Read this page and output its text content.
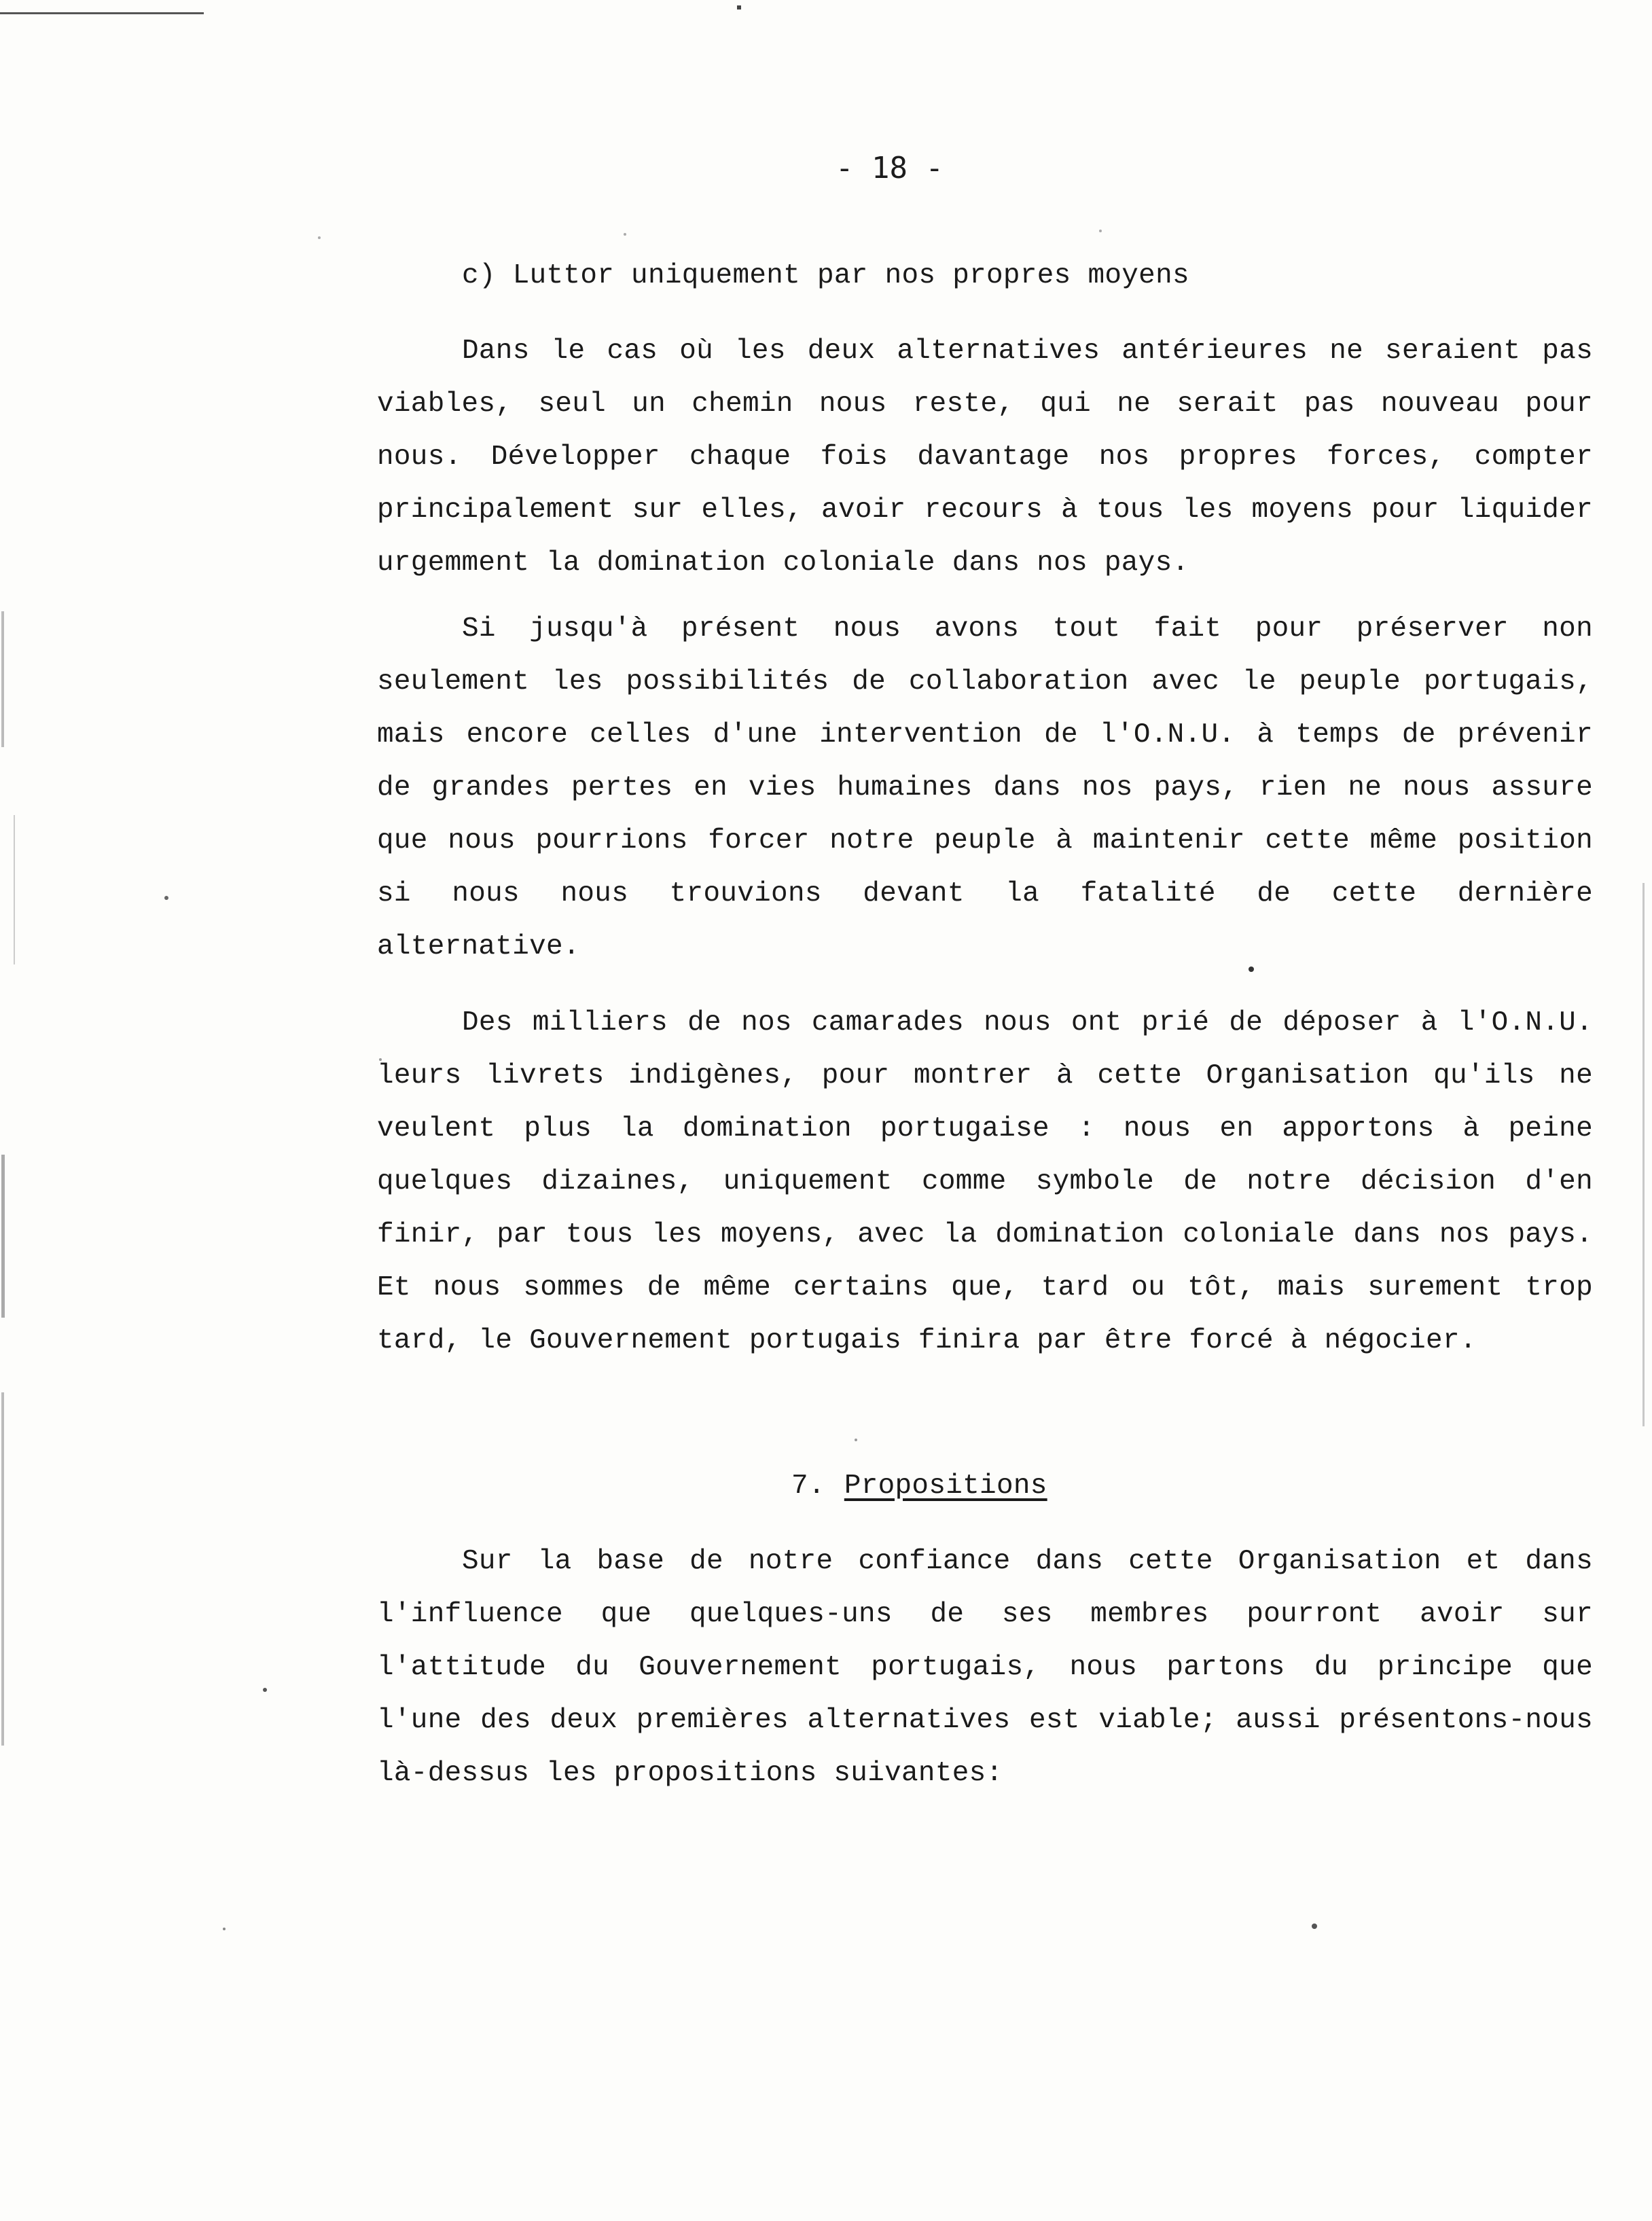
- 18 -
c) Luttor uniquement par nos propres moyens

Dans le cas où les deux alternatives antérieures ne seraient pas viables, seul un chemin nous reste, qui ne serait pas nouveau pour nous. Développer chaque fois davantage nos propres forces, compter principalement sur elles, avoir recours à tous les moyens pour liquider urgemment la domination coloniale dans nos pays.

Si jusqu'à présent nous avons tout fait pour préserver non seulement les possibilités de collaboration avec le peuple portugais, mais encore celles d'une intervention de l'O.N.U. à temps de prévenir de grandes pertes en vies humaines dans nos pays, rien ne nous assure que nous pourrions forcer notre peuple à maintenir cette même position si nous nous trouvions devant la fatalité de cette dernière alternative.

Des milliers de nos camarades nous ont prié de déposer à l'O.N.U. leurs livrets indigènes, pour montrer à cette Organisation qu'ils ne veulent plus la domination portugaise : nous en apportons à peine quelques dizaines, uniquement comme symbole de notre décision d'en finir, par tous les moyens, avec la domination coloniale dans nos pays. Et nous sommes de même certains que, tard ou tôt, mais surement trop tard, le Gouvernement portugais finira par être forcé à négocier.

7. Propositions

Sur la base de notre confiance dans cette Organisation et dans l'influence que quelques-uns de ses membres pourront avoir sur l'attitude du Gouvernement portugais, nous partons du principe que l'une des deux premières alternatives est viable; aussi présentons-nous là-dessus les propositions suivantes:
